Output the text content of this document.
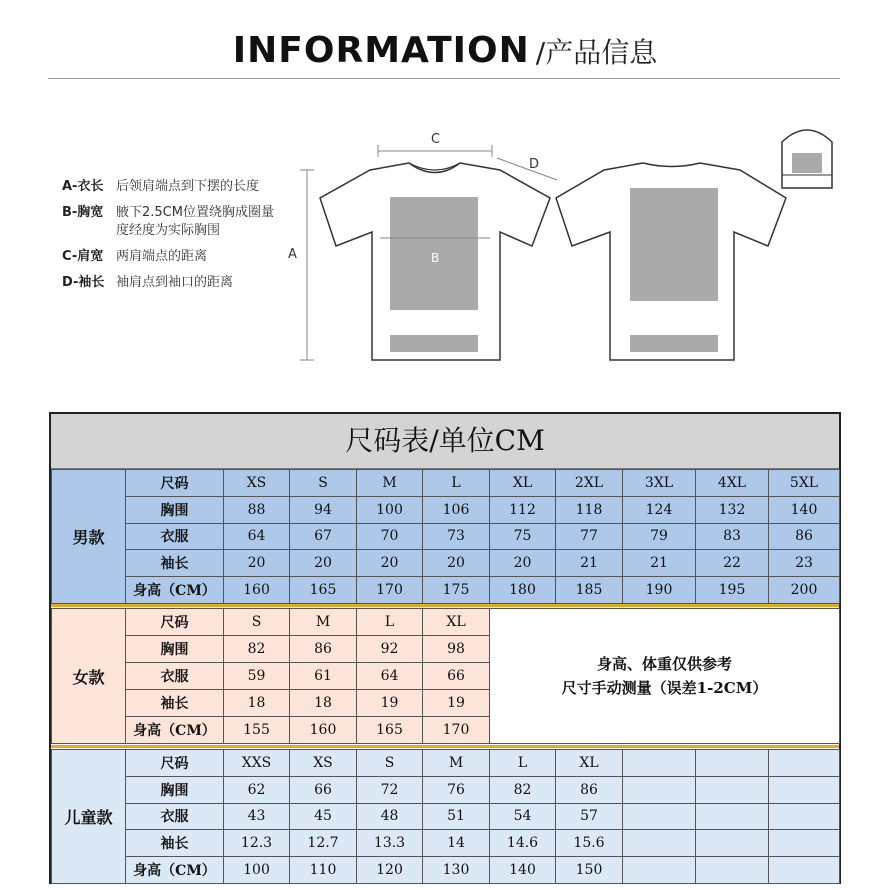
INFORMATION /产品信息
A-衣长 后领肩端点到下摆的长度
B-胸宽 腋下2.5CM位置绕胸成圈量度经度为实际胸围
C-肩宽 两肩端点的距离
D-袖长 袖肩点到袖口的距离
A
C
D
B
尺码表/单位CM
男款	尺码	XS	S	M	L	XL	2XL	3XL	4XL	5XL
	胸围	88	94	100	106	112	118	124	132	140
	衣服	64	67	70	73	75	77	79	83	86
	袖长	20	20	20	20	20	21	21	22	23
	身高（CM）	160	165	170	175	180	185	190	195	200
女款	尺码	S	M	L	XL	身高、体重仅供参考
尺寸手动测量（误差1-2CM）

	胸围	82	86	92	98	
	衣服	59	61	64	66	
	袖长	18	18	19	19	
	身高（CM）	155	160	165	170	
儿童款	尺码	XXS	XS	S	M	L	XL			
	胸围	62	66	72	76	82	86			
	衣服	43	45	48	51	54	57			
	袖长	12.3	12.7	13.3	14	14.6	15.6			
	身高（CM）	100	110	120	130	140	150			
